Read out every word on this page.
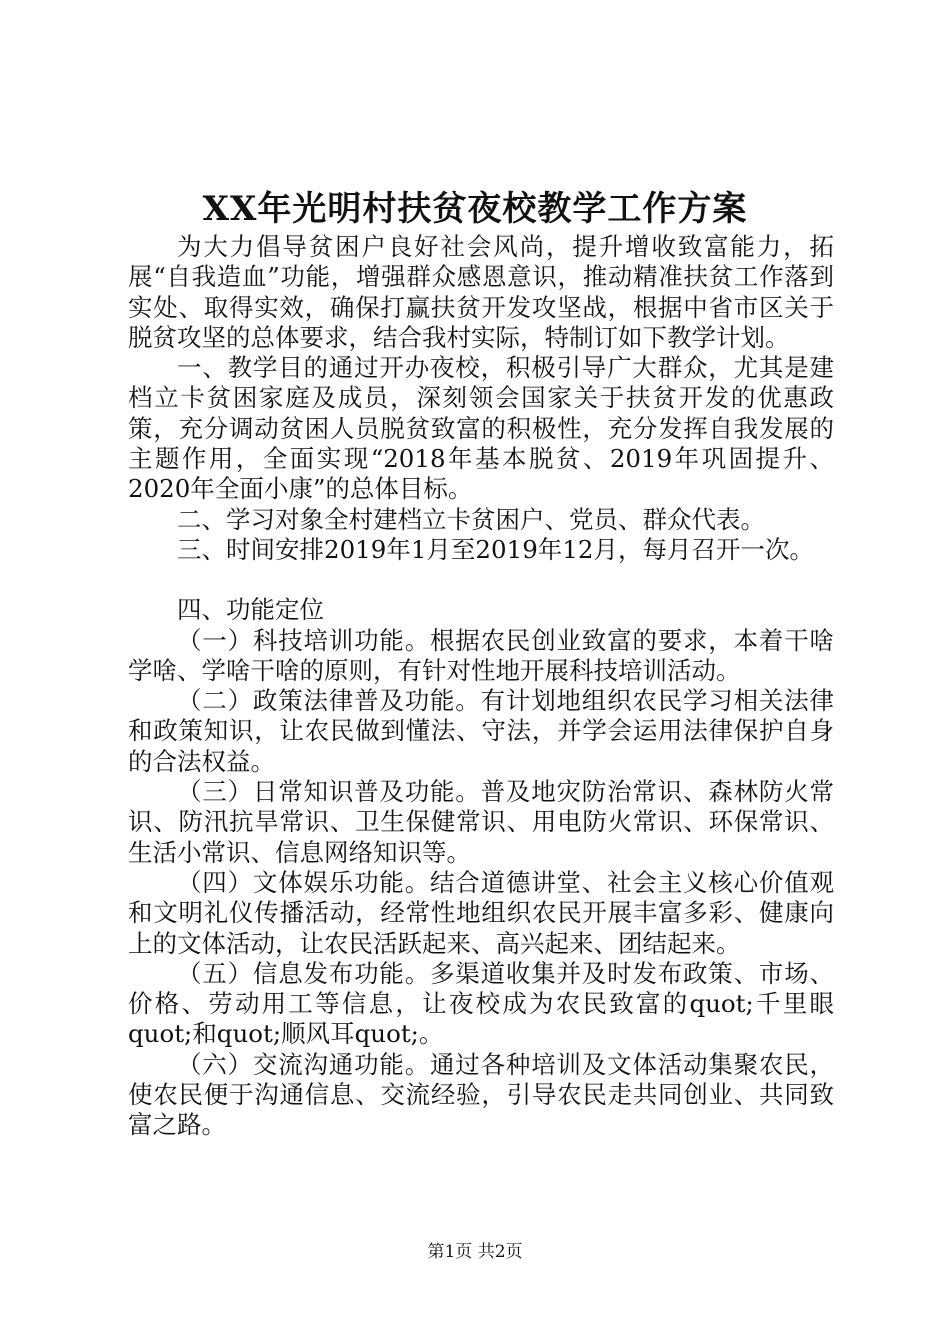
XX年光明村扶贫夜校教学工作方案

为大力倡导贫困户良好社会风尚，提升增收致富能力，拓展“自我造血”功能，增强群众感恩意识，推动精准扶贫工作落到实处、取得实效，确保打赢扶贫开发攻坚战，根据中省市区关于脱贫攻坚的总体要求，结合我村实际，特制订如下教学计划。

一、教学目的通过开办夜校，积极引导广大群众，尤其是建档立卡贫困家庭及成员，深刻领会国家关于扶贫开发的优惠政策，充分调动贫困人员脱贫致富的积极性，充分发挥自我发展的主题作用，全面实现“2018年基本脱贫、2019年巩固提升、2020年全面小康”的总体目标。

二、学习对象全村建档立卡贫困户、党员、群众代表。

三、时间安排2019年1月至2019年12月，每月召开一次。

四、功能定位

（一）科技培训功能。根据农民创业致富的要求，本着干啥学啥、学啥干啥的原则，有针对性地开展科技培训活动。

（二）政策法律普及功能。有计划地组织农民学习相关法律和政策知识，让农民做到懂法、守法，并学会运用法律保护自身的合法权益。

（三）日常知识普及功能。普及地灾防治常识、森林防火常识、防汛抗旱常识、卫生保健常识、用电防火常识、环保常识、生活小常识、信息网络知识等。

（四）文体娱乐功能。结合道德讲堂、社会主义核心价值观和文明礼仪传播活动，经常性地组织农民开展丰富多彩、健康向上的文体活动，让农民活跃起来、高兴起来、团结起来。

（五）信息发布功能。多渠道收集并及时发布政策、市场、价格、劳动用工等信息，让夜校成为农民致富的quot;千里眼quot;和quot;顺风耳quot;。

（六）交流沟通功能。通过各种培训及文体活动集聚农民，使农民便于沟通信息、交流经验，引导农民走共同创业、共同致富之路。

第1页 共2页
